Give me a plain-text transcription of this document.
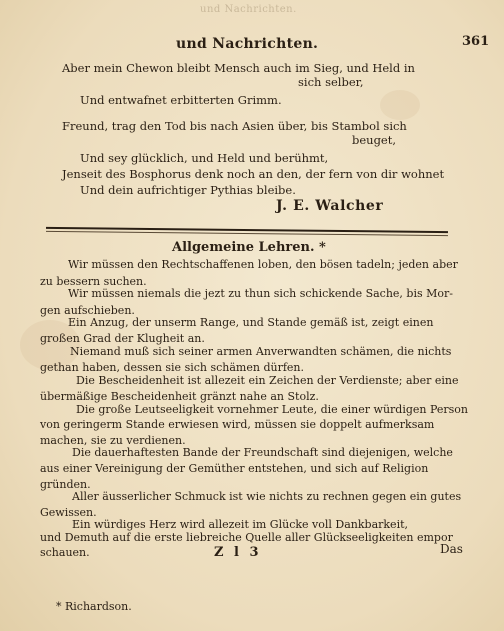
und Nachrichten.
und Nachrichten.	361
Aber mein Chewon bleibt Mensch auch im Sieg, und Held in
sich selber,
Und entwafnet erbitterten Grimm.
Freund, trag den Tod bis nach Asien über, bis Stambol sich
beuget,
Und sey glücklich, und Held und berühmt,
Jenseit des Bosphorus denk noch an den, der fern von dir wohnet
Und dein aufrichtiger Pythias bleibe.
J. E. Walcher
Allgemeine Lehren. *
Wir müssen den Rechtschaffenen loben, den bösen tadeln; jeden aber
zu bessern suchen.
Wir müssen niemals die jezt zu thun sich schickende Sache, bis Mor-
gen aufschieben.
Ein Anzug, der unserm Range, und Stande gemäß ist, zeigt einen
großen Grad der Klugheit an.
Niemand muß sich seiner armen Anverwandten schämen, die nichts
gethan haben, dessen sie sich schämen dürfen.
Die Bescheidenheit ist allezeit ein Zeichen der Verdienste; aber eine
übermäßige Bescheidenheit gränzt nahe an Stolz.
Die große Leutseeligkeit vornehmer Leute, die einer würdigen Person
von geringerm Stande erwiesen wird, müssen sie doppelt aufmerksam
machen, sie zu verdienen.
Die dauerhaftesten Bande der Freundschaft sind diejenigen, welche
aus einer Vereinigung der Gemüther entstehen, und sich auf Religion
gründen.
Aller äusserlicher Schmuck ist wie nichts zu rechnen gegen ein gutes
Gewissen.
Ein würdiges Herz wird allezeit im Glücke voll Dankbarkeit,
und Demuth auf die erste liebreiche Quelle aller Glückseeligkeiten empor
schauen.	Z l 3	Das
* Richardson.
